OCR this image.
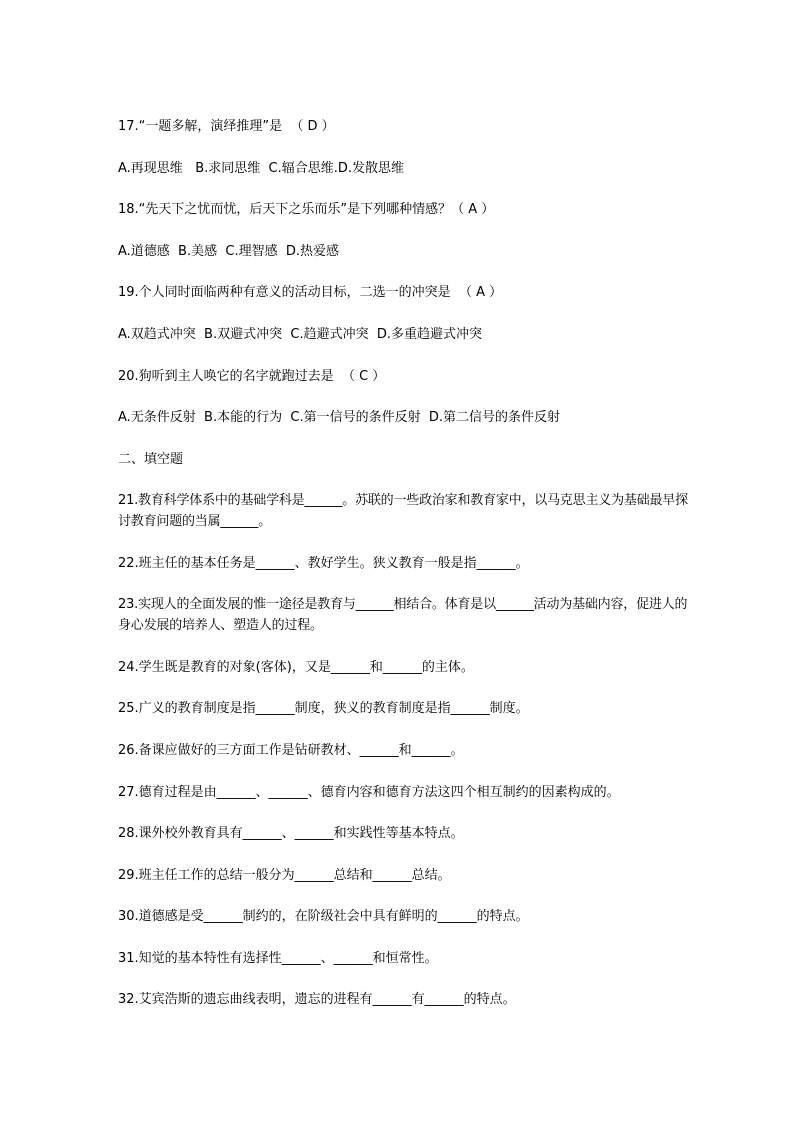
17.“一题多解，演绎推理”是  （ D ）

A.再现思维   B.求同思维  C.辐合思维.D.发散思维

18.“先天下之忧而忧，后天下之乐而乐”是下列哪种情感？（ A ）

A.道德感  B.美感  C.理智感  D.热爱感

19.个人同时面临两种有意义的活动目标，二选一的冲突是  （ A ）

A.双趋式冲突  B.双避式冲突  C.趋避式冲突  D.多重趋避式冲突

20.狗听到主人唤它的名字就跑过去是  （ C ）

A.无条件反射  B.本能的行为  C.第一信号的条件反射  D.第二信号的条件反射

二、填空题

21.教育科学体系中的基础学科是______。苏联的一些政治家和教育家中，以马克思主义为基础最早探讨教育问题的当属______。

22.班主任的基本任务是______、教好学生。狭义教育一般是指______。

23.实现人的全面发展的惟一途径是教育与______相结合。体育是以______活动为基础内容，促进人的身心发展的培养人、塑造人的过程。

24.学生既是教育的对象(客体)，又是______和______的主体。

25.广义的教育制度是指______制度，狭义的教育制度是指______制度。

26.备课应做好的三方面工作是钻研教材、______和______。

27.德育过程是由______、______、德育内容和德育方法这四个相互制约的因素构成的。

28.课外校外教育具有______、______和实践性等基本特点。

29.班主任工作的总结一般分为______总结和______总结。

30.道德感是受______制约的，在阶级社会中具有鲜明的______的特点。

31.知觉的基本特性有选择性______、______和恒常性。

32.艾宾浩斯的遗忘曲线表明，遗忘的进程有______有______的特点。
